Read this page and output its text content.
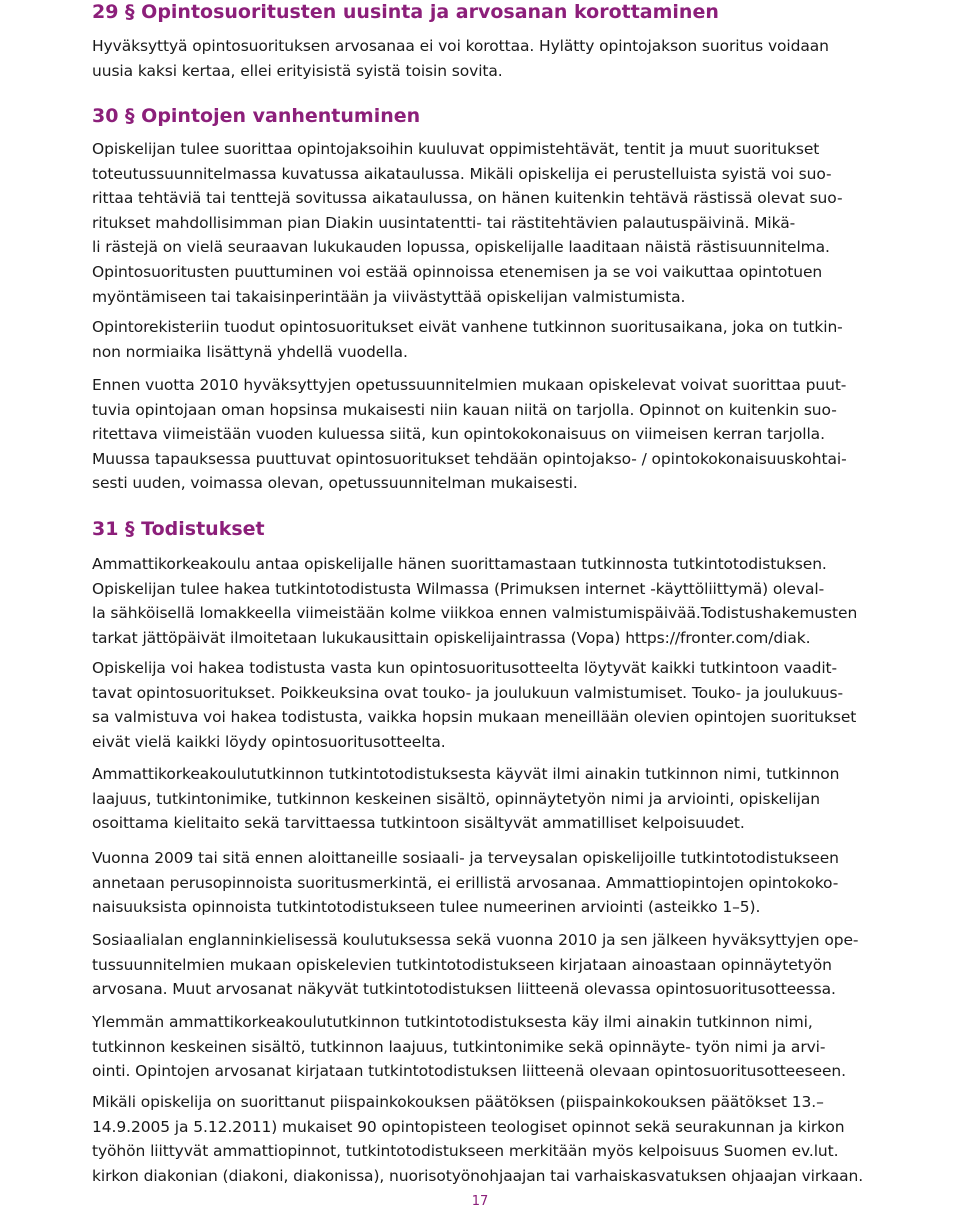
29 § Opintosuoritusten uusinta ja arvosanan korottaminen

Hyväksyttyä opintosuorituksen arvosanaa ei voi korottaa. Hylätty opintojakson suoritus voidaan
uusia kaksi kertaa, ellei erityisistä syistä toisin sovita.

30 § Opintojen vanhentuminen

Opiskelijan tulee suorittaa opintojaksoihin kuuluvat oppimistehtävät, tentit ja muut suoritukset
toteutussuunnitelmassa kuvatussa aikataulussa. Mikäli opiskelija ei perustelluista syistä voi suo-
rittaa tehtäviä tai tenttejä sovitussa aikataulussa, on hänen kuitenkin tehtävä rästissä olevat suo-
ritukset mahdollisimman pian Diakin uusintatentti- tai rästitehtävien palautuspäivinä. Mikä-
li rästejä on vielä seuraavan lukukauden lopussa, opiskelijalle laaditaan näistä rästisuunnitelma.
Opintosuoritusten puuttuminen voi estää opinnoissa etenemisen ja se voi vaikuttaa opintotuen
myöntämiseen tai takaisinperintään ja viivästyttää opiskelijan valmistumista.

Opintorekisteriin tuodut opintosuoritukset eivät vanhene tutkinnon suoritusaikana, joka on tutkin-
non normiaika lisättynä yhdellä vuodella.

Ennen vuotta 2010 hyväksyttyjen opetussuunnitelmien mukaan opiskelevat voivat suorittaa puut-
tuvia opintojaan oman hopsinsa mukaisesti niin kauan niitä on tarjolla. Opinnot on kuitenkin suo-
ritettava viimeistään vuoden kuluessa siitä, kun opintokokonaisuus on viimeisen kerran tarjolla.
Muussa tapauksessa puuttuvat opintosuoritukset tehdään opintojakso- / opintokokonaisuuskohtai-
sesti uuden, voimassa olevan, opetussuunnitelman mukaisesti.

31 § Todistukset

Ammattikorkeakoulu antaa opiskelijalle hänen suorittamastaan tutkinnosta tutkintotodistuksen.
Opiskelijan tulee hakea tutkintotodistusta Wilmassa (Primuksen internet -käyttöliittymä) oleval-
la sähköisellä lomakkeella viimeistään kolme viikkoa ennen valmistumispäivää.Todistushakemusten
tarkat jättöpäivät ilmoitetaan lukukausittain opiskelijaintrassa (Vopa) https://fronter.com/diak.

Opiskelija voi hakea todistusta vasta kun opintosuoritusotteelta löytyvät kaikki tutkintoon vaadit-
tavat opintosuoritukset. Poikkeuksina ovat touko- ja joulukuun valmistumiset. Touko- ja joulukuus-
sa valmistuva voi hakea todistusta, vaikka hopsin mukaan meneillään olevien opintojen suoritukset
eivät vielä kaikki löydy opintosuoritusotteelta.

Ammattikorkeakoulututkinnon tutkintotodistuksesta käyvät ilmi ainakin tutkinnon nimi, tutkinnon
laajuus, tutkintonimike, tutkinnon keskeinen sisältö, opinnäytetyön nimi ja arviointi, opiskelijan
osoittama kielitaito sekä tarvittaessa tutkintoon sisältyvät ammatilliset kelpoisuudet.

Vuonna 2009 tai sitä ennen aloittaneille sosiaali- ja terveysalan opiskelijoille tutkintotodistukseen
annetaan perusopinnoista suoritusmerkintä, ei erillistä arvosanaa. Ammattiopintojen opintokoko-
naisuuksista opinnoista tutkintotodistukseen tulee numeerinen arviointi (asteikko 1–5).

Sosiaalialan englanninkielisessä koulutuksessa sekä vuonna 2010 ja sen jälkeen hyväksyttyjen ope-
tussuunnitelmien mukaan opiskelevien tutkintotodistukseen kirjataan ainoastaan opinnäytetyön
arvosana. Muut arvosanat näkyvät tutkintotodistuksen liitteenä olevassa opintosuoritusotteessa.

Ylemmän ammattikorkeakoulututkinnon tutkintotodistuksesta käy ilmi ainakin tutkinnon nimi,
tutkinnon keskeinen sisältö, tutkinnon laajuus, tutkintonimike sekä opinnäyte- työn nimi ja arvi-
ointi. Opintojen arvosanat kirjataan tutkintotodistuksen liitteenä olevaan opintosuoritusotteeseen.

Mikäli opiskelija on suorittanut piispainkokouksen päätöksen (piispainkokouksen päätökset 13.–
14.9.2005 ja 5.12.2011) mukaiset 90 opintopisteen teologiset opinnot sekä seurakunnan ja kirkon
työhön liittyvät ammattiopinnot, tutkintotodistukseen merkitään myös kelpoisuus Suomen ev.lut.
kirkon diakonian (diakoni, diakonissa), nuorisotyönohjaajan tai varhaiskasvatuksen ohjaajan virkaan.

17
